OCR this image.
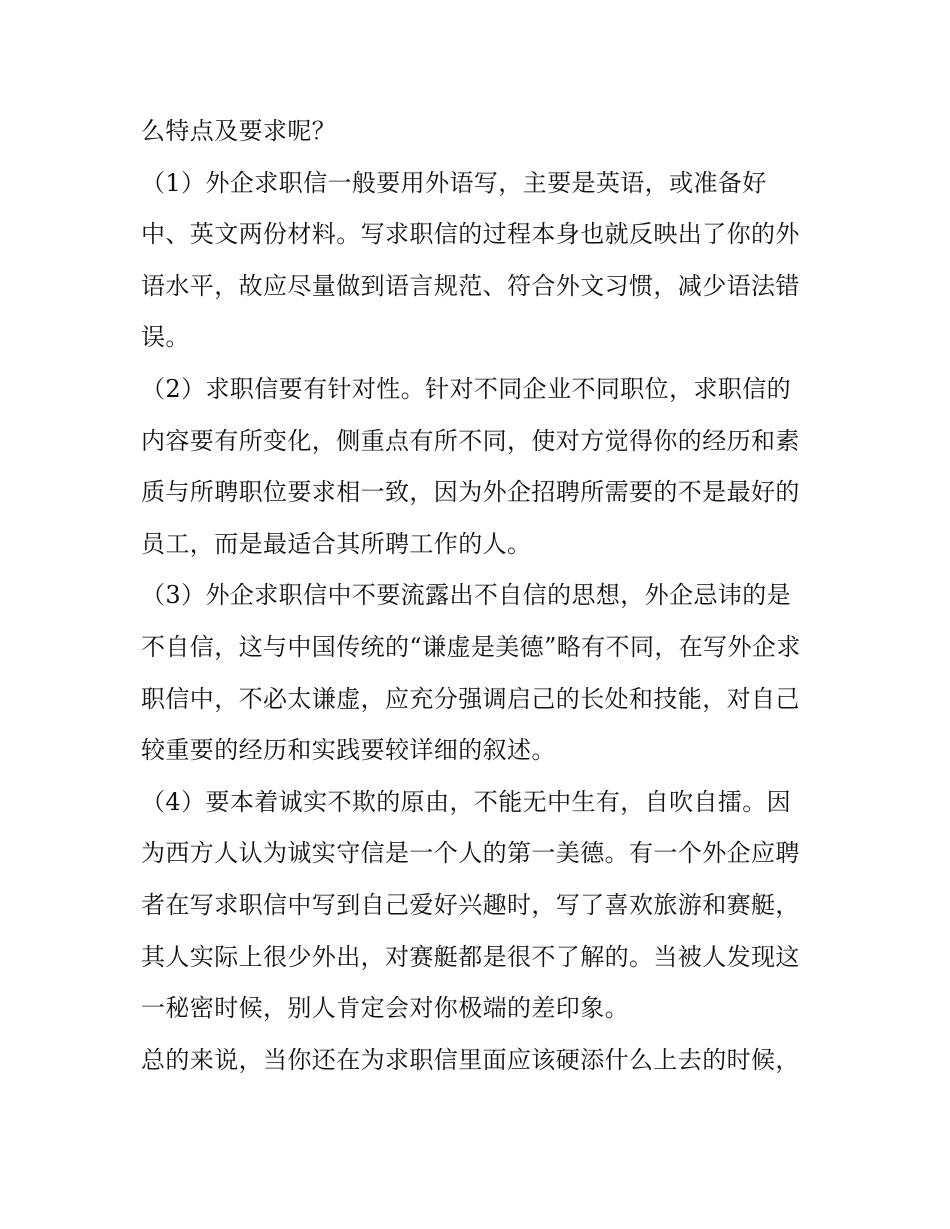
么特点及要求呢？

（1）外企求职信一般要用外语写，主要是英语，或准备好
中、英文两份材料。写求职信的过程本身也就反映出了你的外
语水平，故应尽量做到语言规范、符合外文习惯，减少语法错
误。

（2）求职信要有针对性。针对不同企业不同职位，求职信的
内容要有所变化，侧重点有所不同，使对方觉得你的经历和素
质与所聘职位要求相一致，因为外企招聘所需要的不是最好的
员工，而是最适合其所聘工作的人。

（3）外企求职信中不要流露出不自信的思想，外企忌讳的是
不自信，这与中国传统的“谦虚是美德”略有不同，在写外企求
职信中，不必太谦虚，应充分强调启己的长处和技能，对自己
较重要的经历和实践要较详细的叙述。

（4）要本着诚实不欺的原由，不能无中生有，自吹自擂。因
为西方人认为诚实守信是一个人的第一美德。有一个外企应聘
者在写求职信中写到自己爱好兴趣时，写了喜欢旅游和赛艇，
其人实际上很少外出，对赛艇都是很不了解的。当被人发现这
一秘密时候，别人肯定会对你极端的差印象。

总的来说，当你还在为求职信里面应该硬添什么上去的时候，
